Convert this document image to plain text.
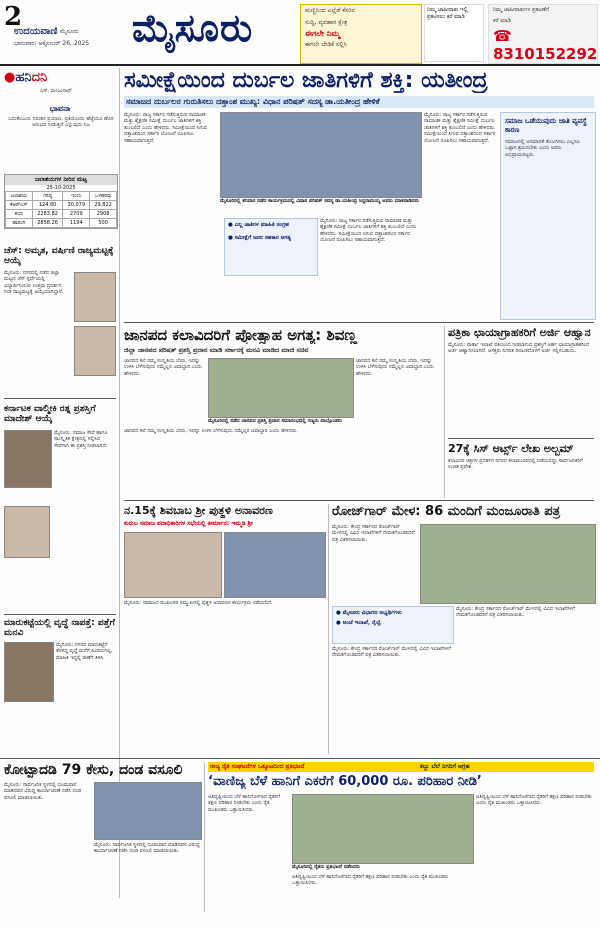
2
ಉದಯವಾಣಿ ಮೈಸೂರು
ಭಾನುವಾರ, ಅಕ್ಟೋಬರ್ 26, 2025 ಮೈಸೂರು	ಮಣ್ಣಿನಿಂದ ಎಲ್ಲೆಡೆ ಕೆಸರಿನ
ಸುದ್ದಿ, ವ್ಯವಹಾರ ಕ್ಷೇತ್ರ
ಈಗಲೇ ನಿಮ್ಮ
ಈಗಲೇ ಬೇಡಿಕೆ ಸಲ್ಲಿಸಿ
ನಿಮ್ಮ ಜಾಹೀರಾತು ಇಲ್ಲಿ ಪ್ರಕಟಿಸಲು ಕರೆ ಮಾಡಿ
ನಿಮ್ಮ ಜಾಹೀರಾತುಗಳ ಪ್ರಕಟಣೆಗೆ
ಕರೆ ಮಾಡಿ
☎ 8310152292
●ಹನಿದನಿ
ಎಸ್. ಮಂಜುನಾಥ್
ಭಾವನಾ
ಬದುಕೆಂಬುದು ನಿರಂತರ ಪ್ರಯಾಣ, ಪ್ರತಿಯೊಂದು ಹೆಜ್ಜೆಯೂ ಹೊಸ ಅನುಭವ ನೀಡುತ್ತದೆ ಎನ್ನುವುದು ನಿಜ
ಜಲಾಶಯಗಳ ನೀರಿನ ಮಟ್ಟ
25-10-2025
ಜಲಾಶಯ	ಗರಿಷ್ಠ	ಇಂದು	ಒಳಹರಿವು
ಕೆಆರ್‌ಎಸ್	124.80	30,079	29,822
ಕಬಿನಿ	2283.82	2709	2908
ಹಾರಂಗಿ	2858.26	1194	500
ಚೆಸ್: ಅಮೃತ, ವರ್ಷಿಣಿ ರಾಜ್ಯಮಟ್ಟಕ್ಕೆ ಆಯ್ಕೆ
ಮೈಸೂರು: ನಗರದಲ್ಲಿ ನಡೆದ ಜಿಲ್ಲಾ ಮಟ್ಟದ ಚೆಸ್ ಸ್ಪರ್ಧೆಯಲ್ಲಿ ವಿದ್ಯಾರ್ಥಿನಿಯರು ಉತ್ತಮ ಪ್ರದರ್ಶನ ನೀಡಿ ರಾಜ್ಯಮಟ್ಟಕ್ಕೆ ಆಯ್ಕೆಯಾಗಿದ್ದಾರೆ.
ಕರ್ನಾಟಕ ವಾಲ್ಮೀಕಿ ರತ್ನ ಪ್ರಶಸ್ತಿಗೆ ಮಾದೇಶ್ ಆಯ್ಕೆ
ಮೈಸೂರು: ಸಮಾಜ ಸೇವೆ ಹಾಗೂ ಸಾಂಸ್ಕೃತಿಕ ಕ್ಷೇತ್ರದಲ್ಲಿ ಸಲ್ಲಿಸಿದ ಸೇವೆಗಾಗಿ ಈ ಪ್ರಶಸ್ತಿ ನೀಡಲಾಗಿದೆ.
ಮಾರುಕಟ್ಟೆಯಲ್ಲಿ ವೃದ್ಧೆ ನಾಪತ್ತೆ: ಪತ್ತೆಗೆ ಮನವಿ
ಮೈಸೂರು: ನಗರದ ಮಾರುಕಟ್ಟೆಗೆ ತೆರಳಿದ್ದ ವೃದ್ಧೆ ಮನೆಗೆ ಹಿಂದಿರುಗಿಲ್ಲ, ಮಾಹಿತಿ ಇದ್ದಲ್ಲಿ ಠಾಣೆಗೆ ತಿಳಿಸಿ.
ಸಮೀಕ್ಷೆಯಿಂದ ದುರ್ಬಲ ಜಾತಿಗಳಿಗೆ ಶಕ್ತಿ: ಯತೀಂದ್ರ
ಸಮಾಜದ ದುರ್ಬಲರ ಗುರುತಿಸಲು ದತ್ತಾಂಶ ಮುಖ್ಯ: ವಿಧಾನ ಪರಿಷತ್ ಸದಸ್ಯ ಡಾ.ಯತೀಂದ್ರ ಹೇಳಿಕೆ
ಮೈಸೂರು: ರಾಜ್ಯ ಸರ್ಕಾರ ನಡೆಸುತ್ತಿರುವ ಸಾಮಾಜಿಕ ಮತ್ತು ಶೈಕ್ಷಣಿಕ ಸಮೀಕ್ಷೆ ದುರ್ಬಲ ಜಾತಿಗಳಿಗೆ ಶಕ್ತಿ ತುಂಬಲಿದೆ ಎಂದು ಹೇಳಿದರು. ಸಮೀಕ್ಷೆಯಿಂದ ಸಿಗುವ ದತ್ತಾಂಶದಿಂದ ಸರ್ಕಾರ ಯೋಜನೆ ರೂಪಿಸಲು ಸಹಾಯವಾಗುತ್ತದೆ.
ಮೈಸೂರಿನಲ್ಲಿ ಶನಿವಾರ ನಡೆದ ಕಾರ್ಯಕ್ರಮದಲ್ಲಿ ವಿಧಾನ ಪರಿಷತ್ ಸದಸ್ಯ ಡಾ.ಯತೀಂದ್ರ ಸಿದ್ದರಾಮಯ್ಯ ಅವರು ಮಾತನಾಡಿದರು
● ಎಲ್ಲ ಜಾತಿಗಳ ಮಾಹಿತಿ ಸಂಗ್ರಹ
● ಸಮೀಕ್ಷೆಗೆ ಜನರ ಸಹಕಾರ ಅಗತ್ಯ
ಮೈಸೂರು: ರಾಜ್ಯ ಸರ್ಕಾರ ನಡೆಸುತ್ತಿರುವ ಸಾಮಾಜಿಕ ಮತ್ತು ಶೈಕ್ಷಣಿಕ ಸಮೀಕ್ಷೆ ದುರ್ಬಲ ಜಾತಿಗಳಿಗೆ ಶಕ್ತಿ ತುಂಬಲಿದೆ ಎಂದು ಹೇಳಿದರು. ಸಮೀಕ್ಷೆಯಿಂದ ಸಿಗುವ ದತ್ತಾಂಶದಿಂದ ಸರ್ಕಾರ ಯೋಜನೆ ರೂಪಿಸಲು ಸಹಾಯವಾಗುತ್ತದೆ.
ಮೈಸೂರು: ರಾಜ್ಯ ಸರ್ಕಾರ ನಡೆಸುತ್ತಿರುವ ಸಾಮಾಜಿಕ ಮತ್ತು ಶೈಕ್ಷಣಿಕ ಸಮೀಕ್ಷೆ ದುರ್ಬಲ ಜಾತಿಗಳಿಗೆ ಶಕ್ತಿ ತುಂಬಲಿದೆ ಎಂದು ಹೇಳಿದರು. ಸಮೀಕ್ಷೆಯಿಂದ ಸಿಗುವ ದತ್ತಾಂಶದಿಂದ ಸರ್ಕಾರ ಯೋಜನೆ ರೂಪಿಸಲು ಸಹಾಯವಾಗುತ್ತದೆ.
ಸಮಾಜ ಒಡೆಯುವುದು ಜಾತಿ ವ್ಯವಸ್ಥೆ ಕಾರಣ
ಸಮಾಜದಲ್ಲಿ ಅಸಮಾನತೆ ತೊಲಗಿಸಲು ಎಲ್ಲರೂ ಒಟ್ಟಾಗಿ ಶ್ರಮಿಸಬೇಕು ಎಂದು ಅವರು ಅಭಿಪ್ರಾಯಪಟ್ಟರು.
ಜಾನಪದ ಕಲಾವಿದರಿಗೆ ಪ್ರೋತ್ಸಾಹ ಅಗತ್ಯ: ಶಿವಣ್ಣ
ಜಿಲ್ಲಾ ಜಾನಪದ ಪರಿಷತ್ ಪ್ರಶಸ್ತಿ ಪ್ರದಾನ ಮಾಡಿ ಸರ್ಕಾರಕ್ಕೆ ಮನವಿ ಮಾಡಿದ ಮಾಜಿ ಸಚಿವ
ಜಾನಪದ ಕಲೆ ನಮ್ಮ ಸಂಸ್ಕೃತಿಯ ಬೇರು, ಇದನ್ನು ಉಳಿಸಿ ಬೆಳೆಸುವುದು ನಮ್ಮೆಲ್ಲರ ಜವಾಬ್ದಾರಿ ಎಂದು ಹೇಳಿದರು.
ಮೈಸೂರಿನಲ್ಲಿ ನಡೆದ ಜಾನಪದ ಪ್ರಶಸ್ತಿ ಪ್ರದಾನ ಸಮಾರಂಭದಲ್ಲಿ ಗಣ್ಯರು ಪಾಲ್ಗೊಂಡರು
ಜಾನಪದ ಕಲೆ ನಮ್ಮ ಸಂಸ್ಕೃತಿಯ ಬೇರು, ಇದನ್ನು ಉಳಿಸಿ ಬೆಳೆಸುವುದು ನಮ್ಮೆಲ್ಲರ ಜವಾಬ್ದಾರಿ ಎಂದು ಹೇಳಿದರು.
ಜಾನಪದ ಕಲೆ ನಮ್ಮ ಸಂಸ್ಕೃತಿಯ ಬೇರು, ಇದನ್ನು ಉಳಿಸಿ ಬೆಳೆಸುವುದು ನಮ್ಮೆಲ್ಲರ ಜವಾಬ್ದಾರಿ ಎಂದು ಹೇಳಿದರು.
ಪತ್ರಿಕಾ ಛಾಯಾಗ್ರಾಹಕರಿಗೆ ಅರ್ಜಿ ಆಹ್ವಾನ
ಮೈಸೂರು: ವಾರ್ತಾ ಇಲಾಖೆ ವತಿಯಿಂದ ನೀಡಲಾಗುವ ಪ್ರಶಸ್ತಿಗೆ ಅರ್ಹ ಛಾಯಾಗ್ರಾಹಕರಿಂದ ಅರ್ಜಿ ಆಹ್ವಾನಿಸಲಾಗಿದೆ. ಆಸಕ್ತರು ನಿಗದಿತ ದಿನಾಂಕದೊಳಗೆ ಅರ್ಜಿ ಸಲ್ಲಿಸಬಹುದು.
27ಕ್ಕೆ ಸಿಸ್ ಆರ್ಟ್ಸ್ ಲೇಖ ಅಲ್ಬಮ್
ಕಲಾವಿದರ ಚಿತ್ರಗಳ ಪ್ರದರ್ಶನ ನಗರದ ಕಲಾಮಂದಿರದಲ್ಲಿ ನಡೆಯಲಿದ್ದು ಸಾರ್ವಜನಿಕರಿಗೆ ಉಚಿತ ಪ್ರವೇಶ.
ನ.15ಕ್ಕೆ ಶಿವಬಾಬ ಶ್ರೀ ಪುತ್ಥಳಿ ಅನಾವರಣ
ಕುರುಬ ಸಮಾಜ ಪದಾಧಿಕಾರಿಗಳ ಸಭೆಯಲ್ಲಿ ತೀರ್ಮಾನ: ಇಮ್ಮಡಿ ಶ್ರೀ
ಮೈಸೂರು: ಸಮಾಜದ ಮುಖಂಡರ ಸಮ್ಮುಖದಲ್ಲಿ ಪುತ್ಥಳಿ ಅನಾವರಣ ಕಾರ್ಯಕ್ರಮ ನಡೆಯಲಿದೆ.
ರೋಜ್‌ಗಾರ್ ಮೇಳ: 86 ಮಂದಿಗೆ ಮಂಜೂರಾತಿ ಪತ್ರ
ಮೈಸೂರು: ಕೇಂದ್ರ ಸರ್ಕಾರದ ರೋಜ್‌ಗಾರ್ ಮೇಳದಲ್ಲಿ ವಿವಿಧ ಇಲಾಖೆಗಳಿಗೆ ನೇಮಕಗೊಂಡವರಿಗೆ ಪತ್ರ ವಿತರಿಸಲಾಯಿತು.
● ಮೈಸೂರು ವಿಭಾಗದ ಅಭ್ಯರ್ಥಿಗಳು
● ಅಂಚೆ ಇಲಾಖೆ, ರೈಲ್ವೆ
ಮೈಸೂರು: ಕೇಂದ್ರ ಸರ್ಕಾರದ ರೋಜ್‌ಗಾರ್ ಮೇಳದಲ್ಲಿ ವಿವಿಧ ಇಲಾಖೆಗಳಿಗೆ ನೇಮಕಗೊಂಡವರಿಗೆ ಪತ್ರ ವಿತರಿಸಲಾಯಿತು.
ಮೈಸೂರು: ಕೇಂದ್ರ ಸರ್ಕಾರದ ರೋಜ್‌ಗಾರ್ ಮೇಳದಲ್ಲಿ ವಿವಿಧ ಇಲಾಖೆಗಳಿಗೆ ನೇಮಕಗೊಂಡವರಿಗೆ ಪತ್ರ ವಿತರಿಸಲಾಯಿತು.
ಕೋಟ್ಪಾದಡಿ 79 ಕೇಸು, ದಂಡ ವಸೂಲಿ
ಮೈಸೂರು: ಸಾರ್ವಜನಿಕ ಸ್ಥಳದಲ್ಲಿ ಧೂಮಪಾನ ಮಾಡಿದವರ ವಿರುದ್ಧ ಕಾರ್ಯಾಚರಣೆ ನಡೆಸಿ ದಂಡ ವಸೂಲಿ ಮಾಡಲಾಯಿತು.
ಮೈಸೂರು: ಸಾರ್ವಜನಿಕ ಸ್ಥಳದಲ್ಲಿ ಧೂಮಪಾನ ಮಾಡಿದವರ ವಿರುದ್ಧ ಕಾರ್ಯಾಚರಣೆ ನಡೆಸಿ ದಂಡ ವಸೂಲಿ ಮಾಡಲಾಯಿತು.
ರಾಜ್ಯ ರೈತ ಸಂಘಟನೆಗಳ ಒಕ್ಕೂಟದಿಂದ ಪ್ರತಿಭಟನೆ	ಕಬ್ಬು ಬೆಲೆ ನಿಗದಿಗೆ ಆಗ್ರಹ
‘ವಾಣಿಜ್ಯ ಬೆಳೆ ಹಾನಿಗೆ ಎಕರೆಗೆ 60,000 ರೂ. ಪರಿಹಾರ ನೀಡಿ’
ಅತಿವೃಷ್ಟಿಯಿಂದ ಬೆಳೆ ಹಾನಿಗೊಳಗಾದ ರೈತರಿಗೆ ತಕ್ಷಣ ಪರಿಹಾರ ನೀಡಬೇಕು ಎಂದು ರೈತ ಮುಖಂಡರು ಒತ್ತಾಯಿಸಿದರು.
ಮೈಸೂರಿನಲ್ಲಿ ರೈತರು ಪ್ರತಿಭಟನೆ ನಡೆಸಿದರು
ಅತಿವೃಷ್ಟಿಯಿಂದ ಬೆಳೆ ಹಾನಿಗೊಳಗಾದ ರೈತರಿಗೆ ತಕ್ಷಣ ಪರಿಹಾರ ನೀಡಬೇಕು ಎಂದು ರೈತ ಮುಖಂಡರು ಒತ್ತಾಯಿಸಿದರು.
ಅತಿವೃಷ್ಟಿಯಿಂದ ಬೆಳೆ ಹಾನಿಗೊಳಗಾದ ರೈತರಿಗೆ ತಕ್ಷಣ ಪರಿಹಾರ ನೀಡಬೇಕು ಎಂದು ರೈತ ಮುಖಂಡರು ಒತ್ತಾಯಿಸಿದರು.
